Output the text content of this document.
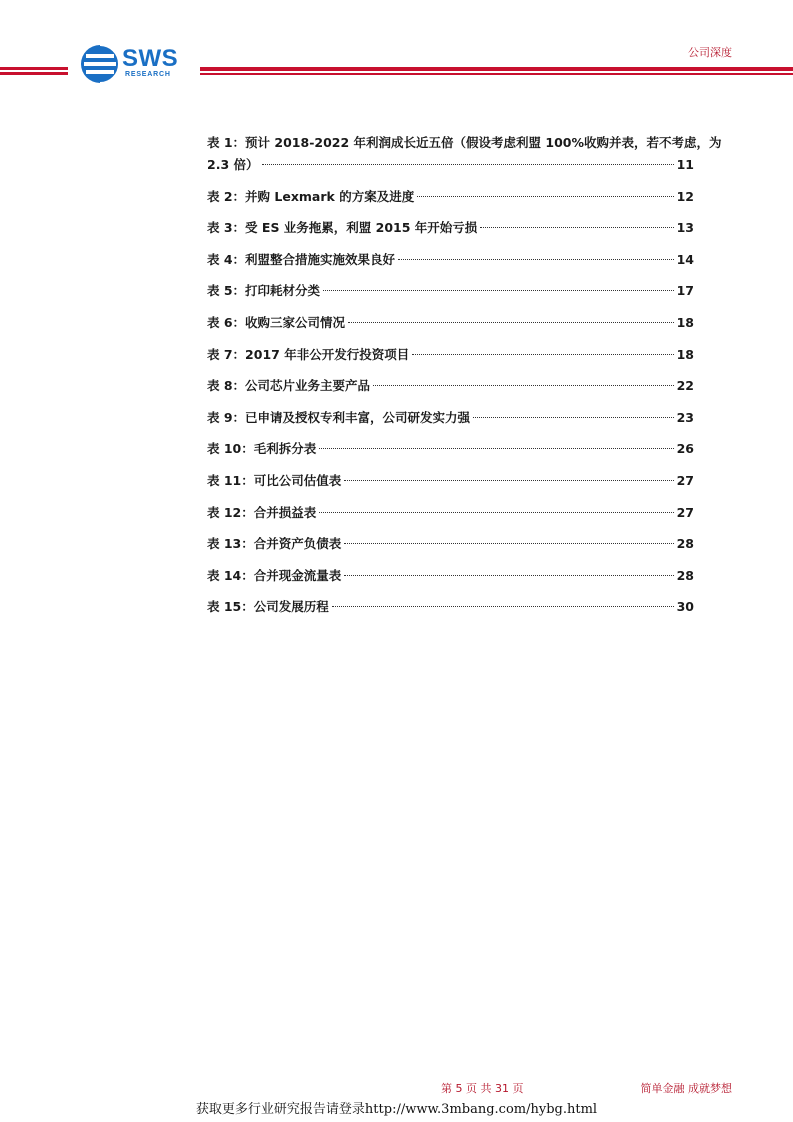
SWS
RESEARCH
公司深度
表 1：预计 2018-2022 年利润成长近五倍（假设考虑利盟 100%收购并表，若不考虑，为
2.3 倍）	11
表 2：并购 Lexmark 的方案及进度	12
表 3：受 ES 业务拖累，利盟 2015 年开始亏损	13
表 4：利盟整合措施实施效果良好	14
表 5：打印耗材分类	17
表 6：收购三家公司情况	18
表 7：2017 年非公开发行投资项目	18
表 8：公司芯片业务主要产品	22
表 9：已申请及授权专利丰富，公司研发实力强	23
表 10：毛利拆分表	26
表 11：可比公司估值表	27
表 12：合并损益表	27
表 13：合并资产负债表	28
表 14：合并现金流量表	28
表 15：公司发展历程	30
第 5 页 共 31 页	简单金融 成就梦想
获取更多行业研究报告请登录http://www.3mbang.com/hybg.html
